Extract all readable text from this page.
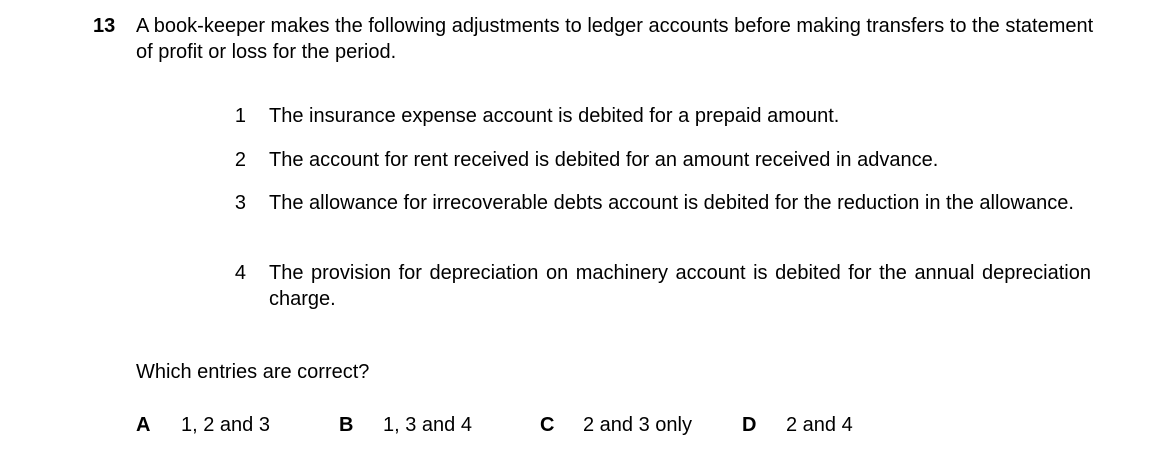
13 A book-keeper makes the following adjustments to ledger accounts before making transfers to the statement of profit or loss for the period.
1 The insurance expense account is debited for a prepaid amount.
2 The account for rent received is debited for an amount received in advance.
3 The allowance for irrecoverable debts account is debited for the reduction in the allowance.
4 The provision for depreciation on machinery account is debited for the annual depreciation charge.
Which entries are correct?
A 1, 2 and 3	B 1, 3 and 4	C 2 and 3 only	D 2 and 4
